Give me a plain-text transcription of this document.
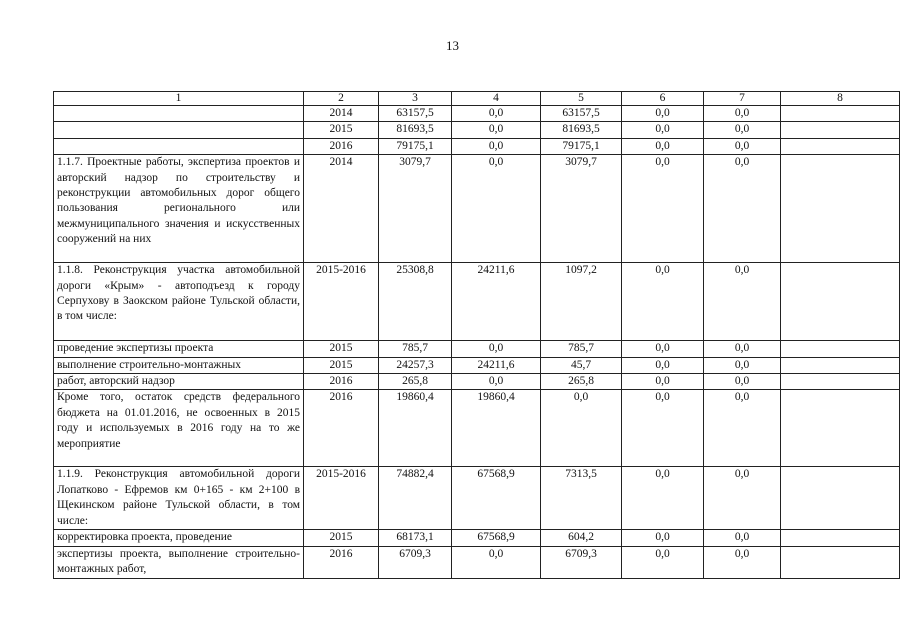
13
1	2	3	4	5	6	7	8
	2014	63157,5	0,0	63157,5	0,0	0,0	
	2015	81693,5	0,0	81693,5	0,0	0,0	
	2016	79175,1	0,0	79175,1	0,0	0,0	
1.1.7. Проектные работы, экспертиза проектов и авторский надзор по строительству и реконструкции автомобильных дорог общего пользования регионального или межмуниципального значения и искусственных сооружений на них	2014	3079,7	0,0	3079,7	0,0	0,0	
1.1.8. Реконструкция участка автомобильной дороги «Крым» - автоподъезд к городу Серпухову в Заокском районе Тульской области, в том числе:	2015-2016	25308,8	24211,6	1097,2	0,0	0,0	
проведение экспертизы проекта	2015	785,7	0,0	785,7	0,0	0,0	
выполнение строительно-монтажных	2015	24257,3	24211,6	45,7	0,0	0,0	
работ, авторский надзор	2016	265,8	0,0	265,8	0,0	0,0	
Кроме того, остаток средств федерального бюджета на 01.01.2016, не освоенных в 2015 году и используемых в 2016 году на то же мероприятие	2016	19860,4	19860,4	0,0	0,0	0,0	
1.1.9. Реконструкция автомобильной дороги Лопатково - Ефремов км 0+165 - км 2+100 в Щекинском районе Тульской области, в том числе:	2015-2016	74882,4	67568,9	7313,5	0,0	0,0	
корректировка проекта, проведение	2015	68173,1	67568,9	604,2	0,0	0,0	
экспертизы проекта, выполнение строительно-монтажных работ,	2016	6709,3	0,0	6709,3	0,0	0,0	
